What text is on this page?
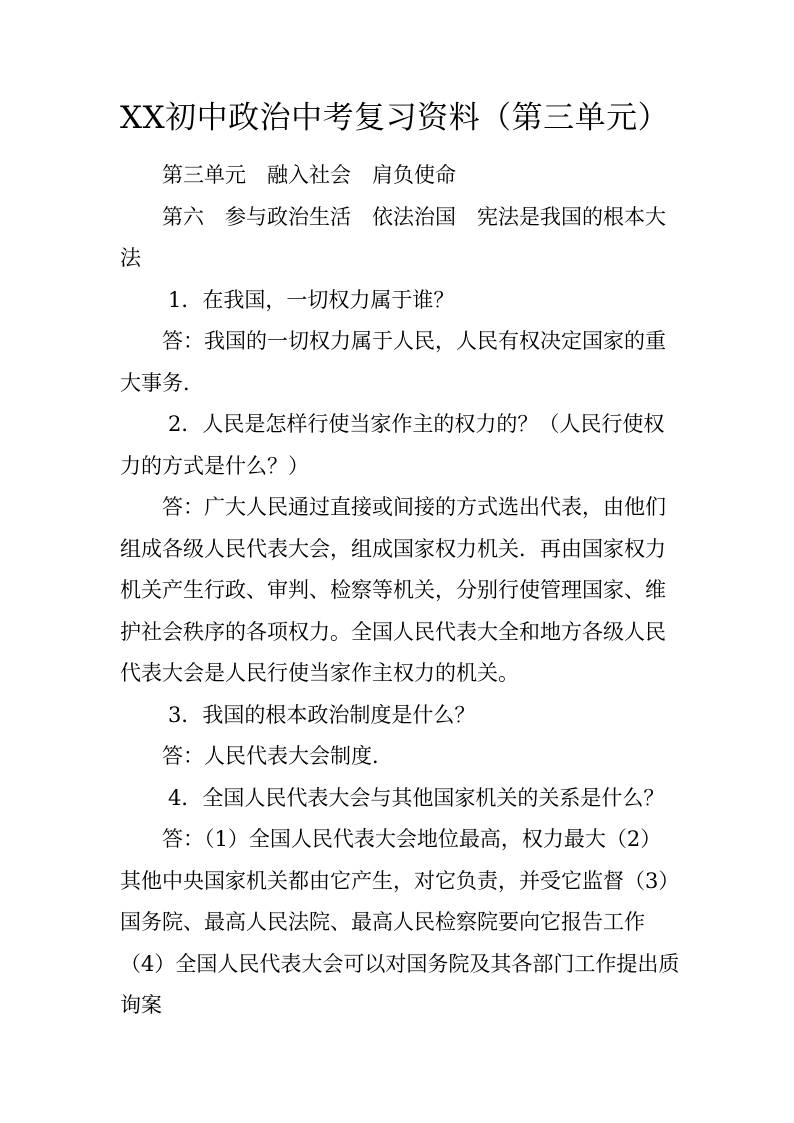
XX初中政治中考复习资料（第三单元）

第三单元　融入社会　肩负使命

第六　参与政治生活　依法治国　宪法是我国的根本大法

1．在我国，一切权力属于谁？

答：我国的一切权力属于人民，人民有权决定国家的重大事务．

2．人民是怎样行使当家作主的权力的？（人民行使权力的方式是什么？）

答：广大人民通过直接或间接的方式选出代表，由他们组成各级人民代表大会，组成国家权力机关．再由国家权力机关产生行政、审判、检察等机关，分别行使管理国家、维护社会秩序的各项权力。全国人民代表大全和地方各级人民代表大会是人民行使当家作主权力的机关。

3．我国的根本政治制度是什么？

答：人民代表大会制度．

4．全国人民代表大会与其他国家机关的关系是什么？

答：（1）全国人民代表大会地位最高，权力最大（2）其他中央国家机关都由它产生，对它负责，并受它监督（3）国务院、最高人民法院、最高人民检察院要向它报告工作（4）全国人民代表大会可以对国务院及其各部门工作提出质询案
